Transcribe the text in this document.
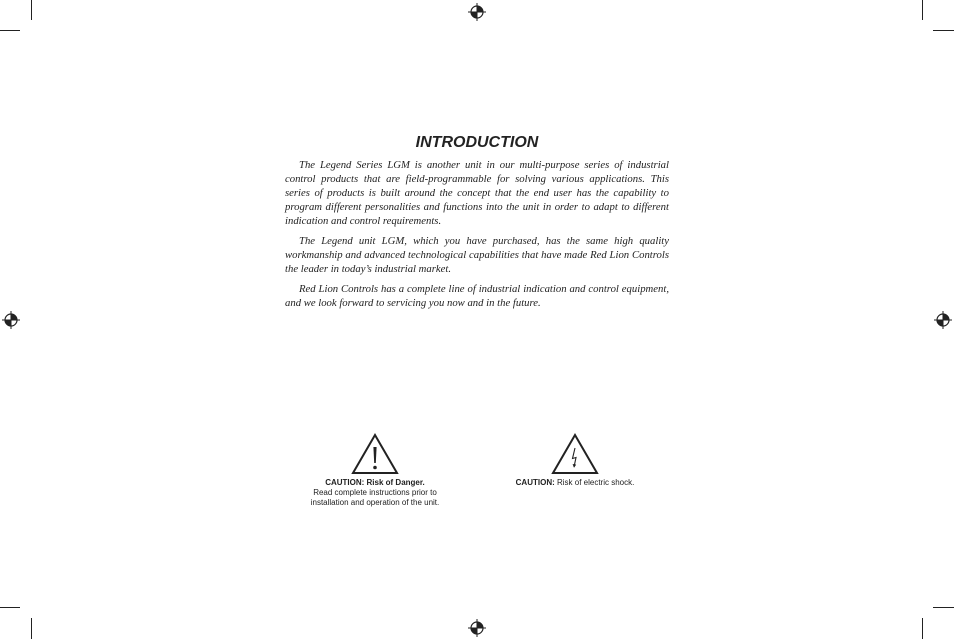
INTRODUCTION

The Legend Series LGM is another unit in our multi-purpose series of industrial control products that are field-programmable for solving various applications. This series of products is built around the concept that the end user has the capability to program different personalities and functions into the unit in order to adapt to different indication and control requirements.

The Legend unit LGM, which you have purchased, has the same high quality workmanship and advanced technological capabilities that have made Red Lion Controls the leader in today’s industrial market.

Red Lion Controls has a complete line of industrial indication and control equipment, and we look forward to servicing you now and in the future.

CAUTION: Risk of Danger.
Read complete instructions prior to
installation and operation of the unit.
CAUTION: Risk of electric shock.
